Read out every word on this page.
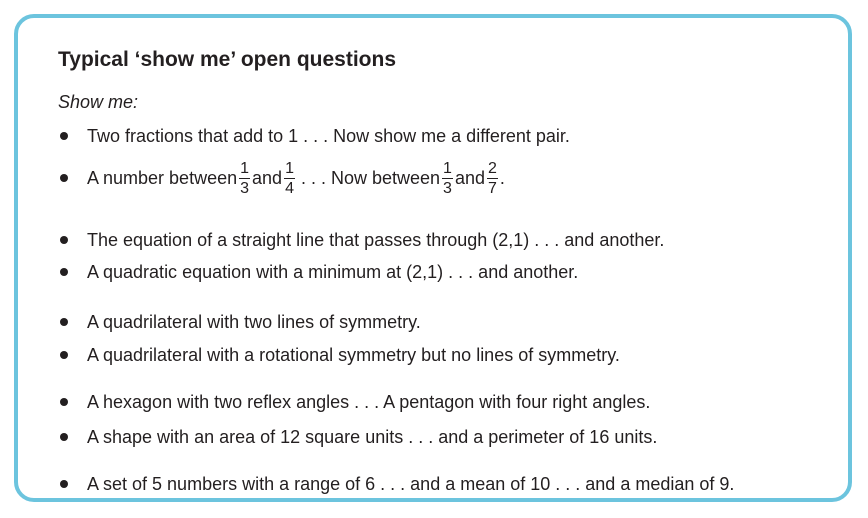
Typical ‘show me’ open questions
Show me:
Two fractions that add to 1 . . . Now show me a different pair.
A number between $\frac{1}{3}$ and $\frac{1}{4}$ . . . Now between $\frac{1}{3}$ and $\frac{2}{7}$ .
The equation of a straight line that passes through (2,1) . . . and another.
A quadratic equation with a minimum at (2,1) . . . and another.
A quadrilateral with two lines of symmetry.
A quadrilateral with a rotational symmetry but no lines of symmetry.
A hexagon with two reflex angles . . . A pentagon with four right angles.
A shape with an area of 12 square units . . . and a perimeter of 16 units.
A set of 5 numbers with a range of 6 . . . and a mean of 10 . . . and a median of 9.
